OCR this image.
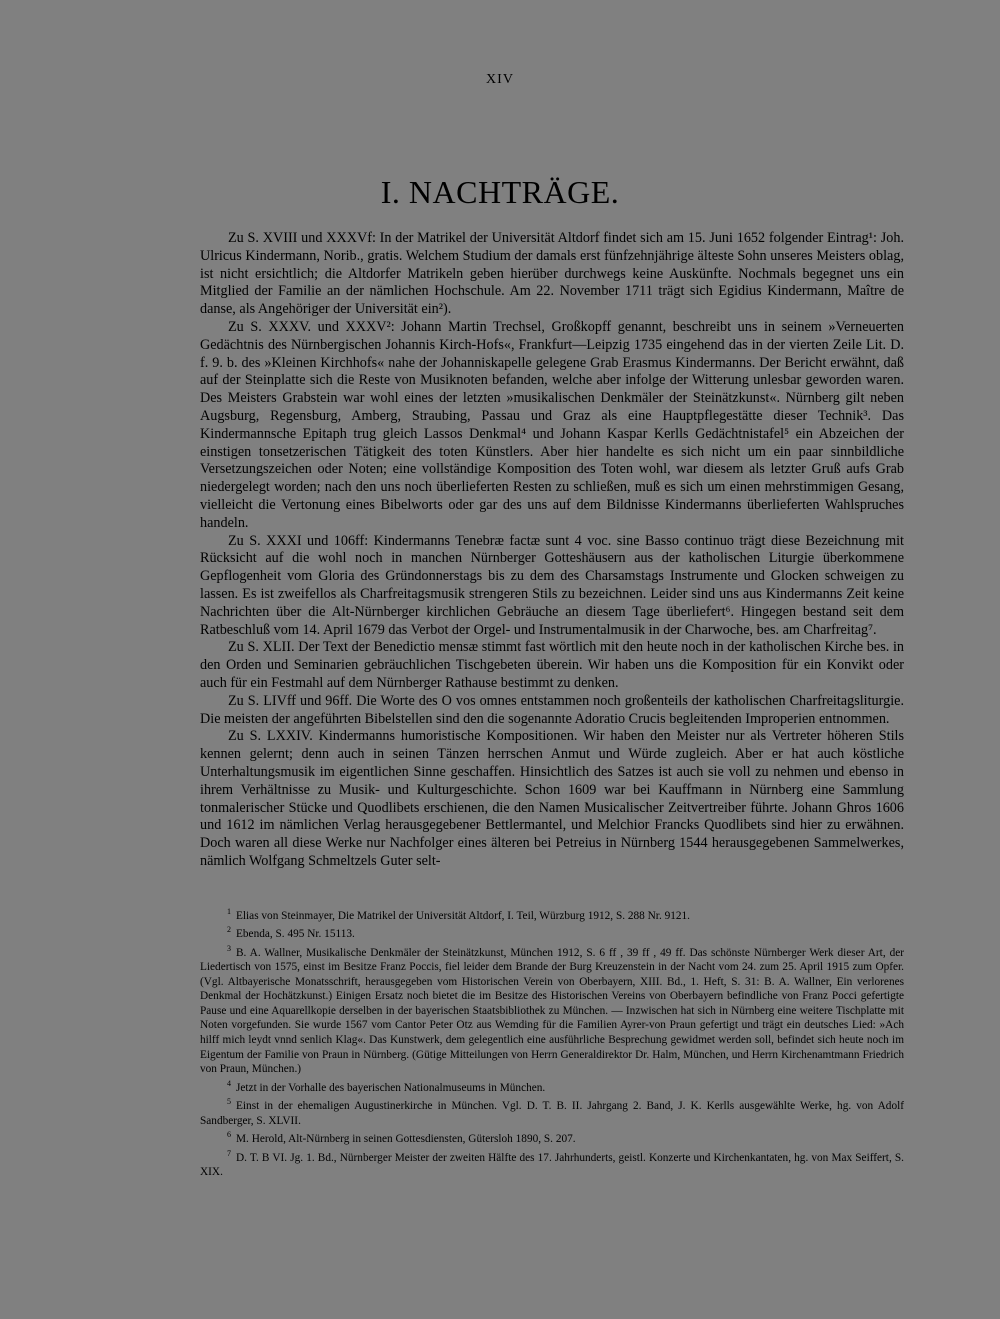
XIV
I. NACHTRÄGE.

Zu S. XVIII und XXXVf: In der Matrikel der Universität Altdorf findet sich am 15. Juni 1652 folgender Eintrag¹: Joh. Ulricus Kindermann, Norib., gratis. Welchem Studium der damals erst fünfzehnjährige älteste Sohn unseres Meisters oblag, ist nicht ersichtlich; die Altdorfer Matrikeln geben hierüber durchwegs keine Auskünfte. Nochmals begegnet uns ein Mitglied der Familie an der nämlichen Hochschule. Am 22. November 1711 trägt sich Egidius Kindermann, Maître de danse, als Angehöriger der Universität ein²).

Zu S. XXXV. und XXXV²: Johann Martin Trechsel, Großkopff genannt, beschreibt uns in seinem »Verneuerten Gedächtnis des Nürnbergischen Johannis Kirch-Hofs«, Frankfurt—Leipzig 1735 eingehend das in der vierten Zeile Lit. D. f. 9. b. des »Kleinen Kirchhofs« nahe der Johanniskapelle gelegene Grab Erasmus Kindermanns. Der Bericht erwähnt, daß auf der Steinplatte sich die Reste von Musiknoten befanden, welche aber infolge der Witterung unlesbar geworden waren. Des Meisters Grabstein war wohl eines der letzten »musikalischen Denkmäler der Steinätzkunst«. Nürnberg gilt neben Augsburg, Regensburg, Amberg, Straubing, Passau und Graz als eine Hauptpflegestätte dieser Technik³. Das Kindermannsche Epitaph trug gleich Lassos Denkmal⁴ und Johann Kaspar Kerlls Gedächtnistafel⁵ ein Abzeichen der einstigen tonsetzerischen Tätigkeit des toten Künstlers. Aber hier handelte es sich nicht um ein paar sinnbildliche Versetzungszeichen oder Noten; eine vollständige Komposition des Toten wohl, war diesem als letzter Gruß aufs Grab niedergelegt worden; nach den uns noch überlieferten Resten zu schließen, muß es sich um einen mehrstimmigen Gesang, vielleicht die Vertonung eines Bibelworts oder gar des uns auf dem Bildnisse Kindermanns überlieferten Wahlspruches handeln.

Zu S. XXXI und 106ff: Kindermanns Tenebræ factæ sunt 4 voc. sine Basso continuo trägt diese Bezeichnung mit Rücksicht auf die wohl noch in manchen Nürnberger Gotteshäusern aus der katholischen Liturgie überkommene Gepflogenheit vom Gloria des Gründonnerstags bis zu dem des Charsamstags Instrumente und Glocken schweigen zu lassen. Es ist zweifellos als Charfreitagsmusik strengeren Stils zu bezeichnen. Leider sind uns aus Kindermanns Zeit keine Nachrichten über die Alt-Nürnberger kirchlichen Gebräuche an diesem Tage überliefert⁶. Hingegen bestand seit dem Ratbeschluß vom 14. April 1679 das Verbot der Orgel- und Instrumentalmusik in der Charwoche, bes. am Charfreitag⁷.

Zu S. XLII. Der Text der Benedictio mensæ stimmt fast wörtlich mit den heute noch in der katholischen Kirche bes. in den Orden und Seminarien gebräuchlichen Tischgebeten überein. Wir haben uns die Komposition für ein Konvikt oder auch für ein Festmahl auf dem Nürnberger Rathause bestimmt zu denken.

Zu S. LIVff und 96ff. Die Worte des O vos omnes entstammen noch großenteils der katholischen Charfreitagsliturgie. Die meisten der angeführten Bibelstellen sind den die sogenannte Adoratio Crucis begleitenden Improperien entnommen.

Zu S. LXXIV. Kindermanns humoristische Kompositionen. Wir haben den Meister nur als Vertreter höheren Stils kennen gelernt; denn auch in seinen Tänzen herrschen Anmut und Würde zugleich. Aber er hat auch köstliche Unterhaltungsmusik im eigentlichen Sinne geschaffen. Hinsichtlich des Satzes ist auch sie voll zu nehmen und ebenso in ihrem Verhältnisse zu Musik- und Kulturgeschichte. Schon 1609 war bei Kauffmann in Nürnberg eine Sammlung tonmalerischer Stücke und Quodlibets erschienen, die den Namen Musicalischer Zeitvertreiber führte. Johann Ghros 1606 und 1612 im nämlichen Verlag herausgegebener Bettlermantel, und Melchior Francks Quodlibets sind hier zu erwähnen. Doch waren all diese Werke nur Nachfolger eines älteren bei Petreius in Nürnberg 1544 herausgegebenen Sammelwerkes, nämlich Wolfgang Schmeltzels Guter selt-

$^1$ Elias von Steinmayer, Die Matrikel der Universität Altdorf, I. Teil, Würzburg 1912, S. 288 Nr. 9121.

$^2$ Ebenda, S. 495 Nr. 15113.

$^3$ B. A. Wallner, Musikalische Denkmäler der Steinätzkunst, München 1912, S. 6 ff , 39 ff , 49 ff. Das schönste Nürnberger Werk dieser Art, der Liedertisch von 1575, einst im Besitze Franz Poccis, fiel leider dem Brande der Burg Kreuzenstein in der Nacht vom 24. zum 25. April 1915 zum Opfer. (Vgl. Altbayerische Monatsschrift, herausgegeben vom Historischen Verein von Oberbayern, XIII. Bd., 1. Heft, S. 31: B. A. Wallner, Ein verlorenes Denkmal der Hochätzkunst.) Einigen Ersatz noch bietet die im Besitze des Historischen Vereins von Oberbayern befindliche von Franz Pocci gefertigte Pause und eine Aquarellkopie derselben in der bayerischen Staatsbibliothek zu München. — Inzwischen hat sich in Nürnberg eine weitere Tischplatte mit Noten vorgefunden. Sie wurde 1567 vom Cantor Peter Otz aus Wemding für die Familien Ayrer-von Praun gefertigt und trägt ein deutsches Lied: »Ach hilff mich leydt vnnd senlich Klag«. Das Kunstwerk, dem gelegentlich eine ausführliche Besprechung gewidmet werden soll, befindet sich heute noch im Eigentum der Familie von Praun in Nürnberg. (Gütige Mitteilungen von Herrn Generaldirektor Dr. Halm, München, und Herrn Kirchenamtmann Friedrich von Praun, München.)

$^4$ Jetzt in der Vorhalle des bayerischen Nationalmuseums in München.

$^5$ Einst in der ehemaligen Augustinerkirche in München. Vgl. D. T. B. II. Jahrgang 2. Band, J. K. Kerlls ausgewählte Werke, hg. von Adolf Sandberger, S. XLVII.

$^6$ M. Herold, Alt-Nürnberg in seinen Gottesdiensten, Gütersloh 1890, S. 207.

$^7$ D. T. B VI. Jg. 1. Bd., Nürnberger Meister der zweiten Hälfte des 17. Jahrhunderts, geistl. Konzerte und Kirchenkantaten, hg. von Max Seiffert, S. XIX.
